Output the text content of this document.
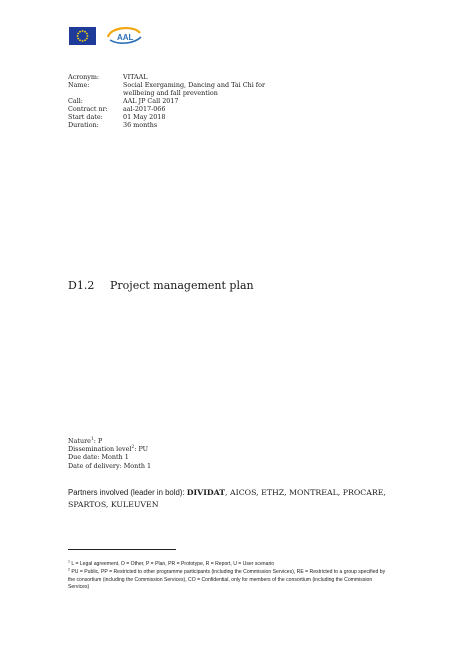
AAL
Acronym:	VITAAL
Name:	Social Exergaming, Dancing and Tai Chi for wellbeing and fall prevention
Call:	AAL JP Call 2017
Contract nr:	aal-2017-066
Start date:	01 May 2018
Duration:	36 months
D1.2	Project management plan
Nature$^1$: P
Dissemination level$^2$: PU
Due date: Month 1
Date of delivery: Month 1
Partners involved (leader in bold): DIVIDAT, AICOS, ETHZ, MONTREAL, PROCARE, SPARTOS, KULEUVEN
$^1$ L = Legal agreement, O = Other, P = Plan, PR = Prototype, R = Report, U = User scenario
$^2$ PU = Public, PP = Restricted to other programme participants (including the Commission Services), RE = Restricted to a group specified by the consortium (including the Commission Services), CO = Confidential, only for members of the consortium (including the Commission Services)
